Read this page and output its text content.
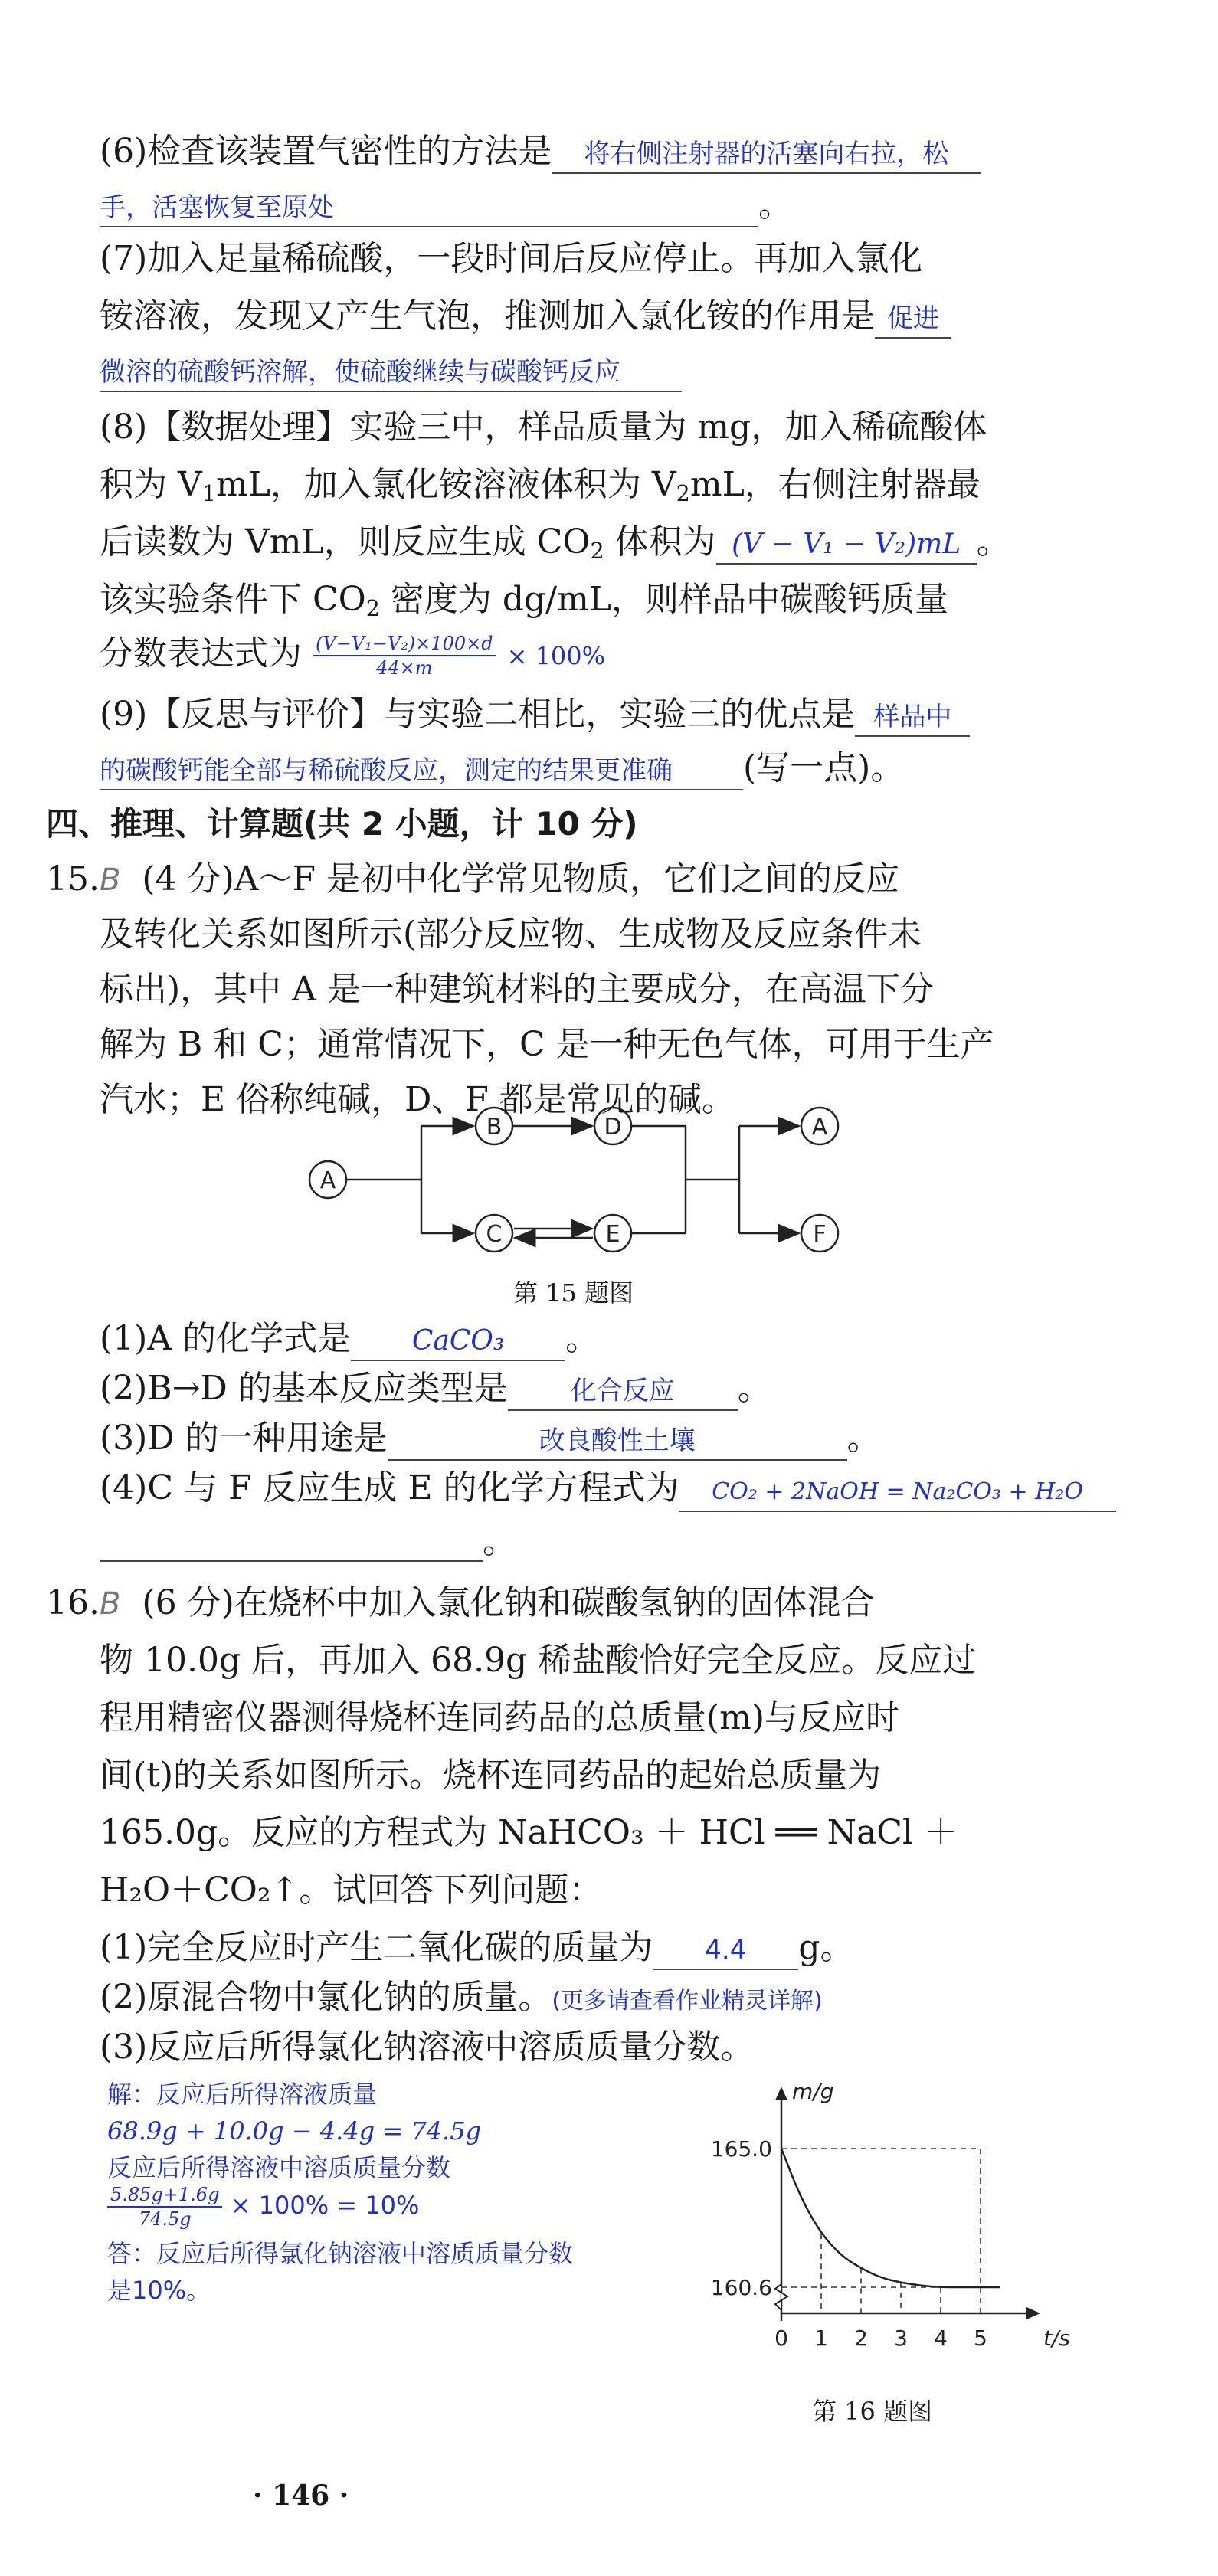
(6)检查该装置气密性的方法是 将右侧注射器的活塞向右拉，松
手，活塞恢复至原处	。
(7)加入足量稀硫酸，一段时间后反应停止。再加入氯化
铵溶液，发现又产生气泡，推测加入氯化铵的作用是 促进
微溶的硫酸钙溶解，使硫酸继续与碳酸钙反应
(8)【数据处理】实验三中，样品质量为 mg，加入稀硫酸体
积为 $V_1mL$，加入氯化铵溶液体积为 $V_2mL$，右侧注射器最
后读数为 VmL，则反应生成 $CO_2$ 体积为 (V − V₁ − V₂)mL 。
该实验条件下 $CO_2$ 密度为 dg/mL，则样品中碳酸钙质量
分数表达式为 $\frac{\text{(V−V₁−V₂)×100×d}}{44\times m} \times 100\%$
(9)【反思与评价】与实验二相比，实验三的优点是 样品中
的碳酸钙能全部与稀硫酸反应，测定的结果更准确 (写一点)。
四、推理、计算题(共 2 小题，计 10 分)
15.B (4 分)A～F 是初中化学常见物质，它们之间的反应
及转化关系如图所示(部分反应物、生成物及反应条件未
标出)，其中 A 是一种建筑材料的主要成分，在高温下分
解为 B 和 C；通常情况下，C 是一种无色气体，可用于生产
汽水；E 俗称纯碱，D、F 都是常见的碱。
A
B	D
C	E
A
F
第 15 题图
(1)A 的化学式是 CaCO₃ 。
(2)B→D 的基本反应类型是 化合反应 。
(3)D 的一种用途是	改良酸性土壤	。
(4)C 与 F 反应生成 E 的化学方程式为 CO₂ + 2NaOH = Na₂CO₃ + H₂O
。
16.B (6 分)在烧杯中加入氯化钠和碳酸氢钠的固体混合
物 10.0g 后，再加入 68.9g 稀盐酸恰好完全反应。反应过
程用精密仪器测得烧杯连同药品的总质量(m)与反应时
间(t)的关系如图所示。烧杯连同药品的起始总质量为
165.0g。反应的方程式为 NaHCO₃ ＋ HCl ══ NaCl ＋
H₂O＋CO₂↑。试回答下列问题：
(1)完全反应时产生二氧化碳的质量为 4.4 g。
(2)原混合物中氯化钠的质量。(更多请查看作业精灵详解)
(3)反应后所得氯化钠溶液中溶质质量分数。
解：反应后所得溶液质量
68.9g + 10.0g − 4.4g = 74.5g
反应后所得溶液中溶质质量分数
$\frac{5.85g+1.6g}{74.5g} \times 100\% = 10\%$
答：反应后所得氯化钠溶液中溶质质量分数
是10%。
m/g
t/s
165.0
160.6
0 1 2 3 4 5
第 16 题图
· 146 ·
